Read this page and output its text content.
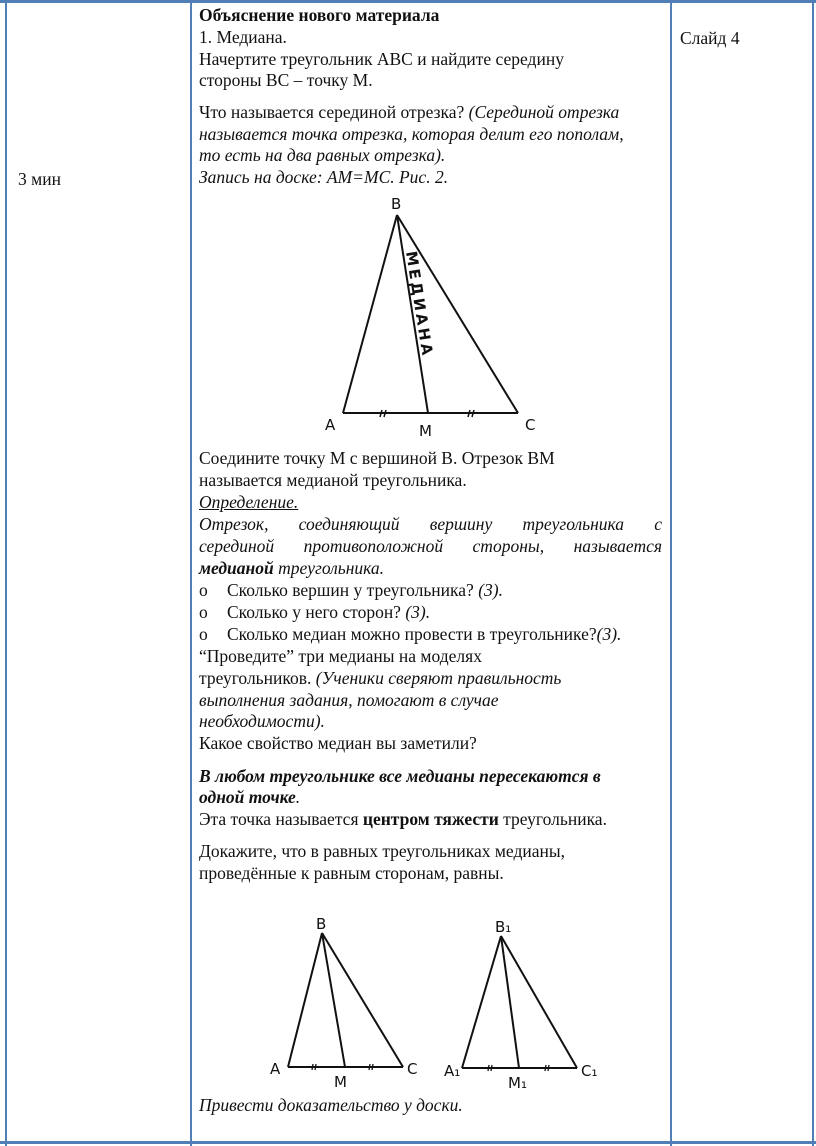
3 мин
Слайд 4
Объяснение нового материала
1. Медиана.
Начертите треугольник ABC и найдите середину
стороны BC – точку М.
Что называется серединой отрезка? (Серединой отрезка
называется точка отрезка, которая делит его пополам,
то есть на два равных отрезка).
Запись на доске: AM=MC. Рис. 2.
B
A	M	C
МЕДИАНА
Соедините точку М с вершиной В. Отрезок ВМ
называется медианой треугольника.
Определение.
Отрезок, соединяющий вершину треугольника с
серединой противоположной стороны, называется
медианой треугольника.
o Сколько вершин у треугольника? (3).
o Сколько у него сторон? (3).
o Сколько медиан можно провести в треугольнике?(3).
“Проведите” три медианы на моделях
треугольников. (Ученики сверяют правильность
выполнения задания, помогают в случае
необходимости).
Какое свойство медиан вы заметили?
В любом треугольнике все медианы пересекаются в
одной точке.
Эта точка называется центром тяжести треугольника.
Докажите, что в равных треугольниках медианы,
проведённые к равным сторонам, равны.
B
A
M
C
B₁
A₁
M₁
C₁
Привести доказательство у доски.
